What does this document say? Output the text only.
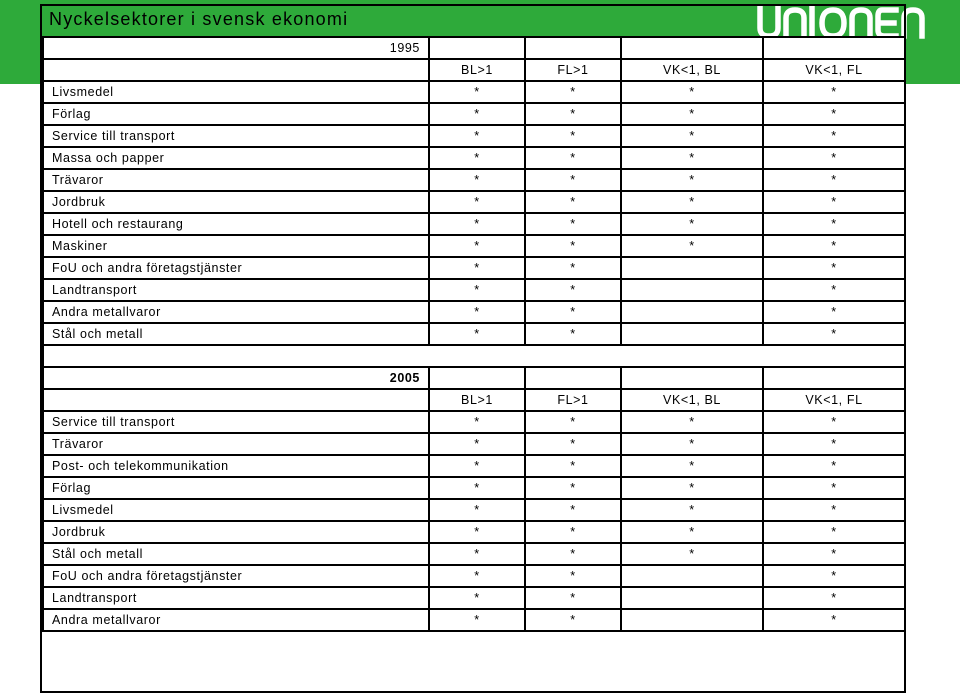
Nyckelsektorer i svensk ekonomi
1995				
	BL>1	FL>1	VK<1, BL	VK<1, FL
Livsmedel	*	*	*	*
Förlag	*	*	*	*
Service till transport	*	*	*	*
Massa och papper	*	*	*	*
Trävaror	*	*	*	*
Jordbruk	*	*	*	*
Hotell och restaurang	*	*	*	*
Maskiner	*	*	*	*
FoU och andra företagstjänster	*	*		*
Landtransport	*	*		*
Andra metallvaror	*	*		*
Stål och metall	*	*		*

2005				
	BL>1	FL>1	VK<1, BL	VK<1, FL
Service till transport	*	*	*	*
Trävaror	*	*	*	*
Post- och telekommunikation	*	*	*	*
Förlag	*	*	*	*
Livsmedel	*	*	*	*
Jordbruk	*	*	*	*
Stål och metall	*	*	*	*
FoU och andra företagstjänster	*	*		*
Landtransport	*	*		*
Andra metallvaror	*	*		*
